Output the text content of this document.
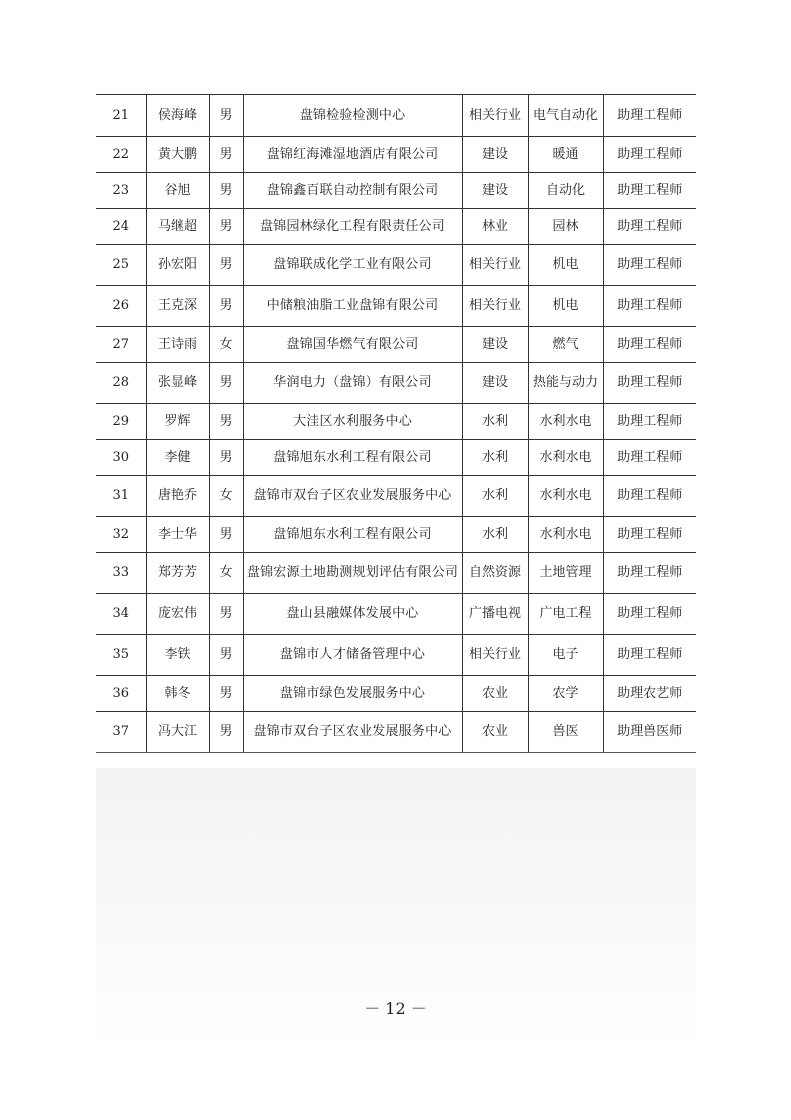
21	侯海峰	男	盘锦检验检测中心	相关行业	电气自动化	助理工程师
22	黄大鹏	男	盘锦红海滩湿地酒店有限公司	建设	暖通	助理工程师
23	谷旭	男	盘锦鑫百联自动控制有限公司	建设	自动化	助理工程师
24	马继超	男	盘锦园林绿化工程有限责任公司	林业	园林	助理工程师
25	孙宏阳	男	盘锦联成化学工业有限公司	相关行业	机电	助理工程师
26	王克深	男	中储粮油脂工业盘锦有限公司	相关行业	机电	助理工程师
27	王诗雨	女	盘锦国华燃气有限公司	建设	燃气	助理工程师
28	张显峰	男	华润电力（盘锦）有限公司	建设	热能与动力	助理工程师
29	罗辉	男	大洼区水利服务中心	水利	水利水电	助理工程师
30	李健	男	盘锦旭东水利工程有限公司	水利	水利水电	助理工程师
31	唐艳乔	女	盘锦市双台子区农业发展服务中心	水利	水利水电	助理工程师
32	李士华	男	盘锦旭东水利工程有限公司	水利	水利水电	助理工程师
33	郑芳芳	女	盘锦宏源土地勘测规划评估有限公司	自然资源	土地管理	助理工程师
34	庞宏伟	男	盘山县融媒体发展中心	广播电视	广电工程	助理工程师
35	李铁	男	盘锦市人才储备管理中心	相关行业	电子	助理工程师
36	韩冬	男	盘锦市绿色发展服务中心	农业	农学	助理农艺师
37	冯大江	男	盘锦市双台子区农业发展服务中心	农业	兽医	助理兽医师
－ 12 －
